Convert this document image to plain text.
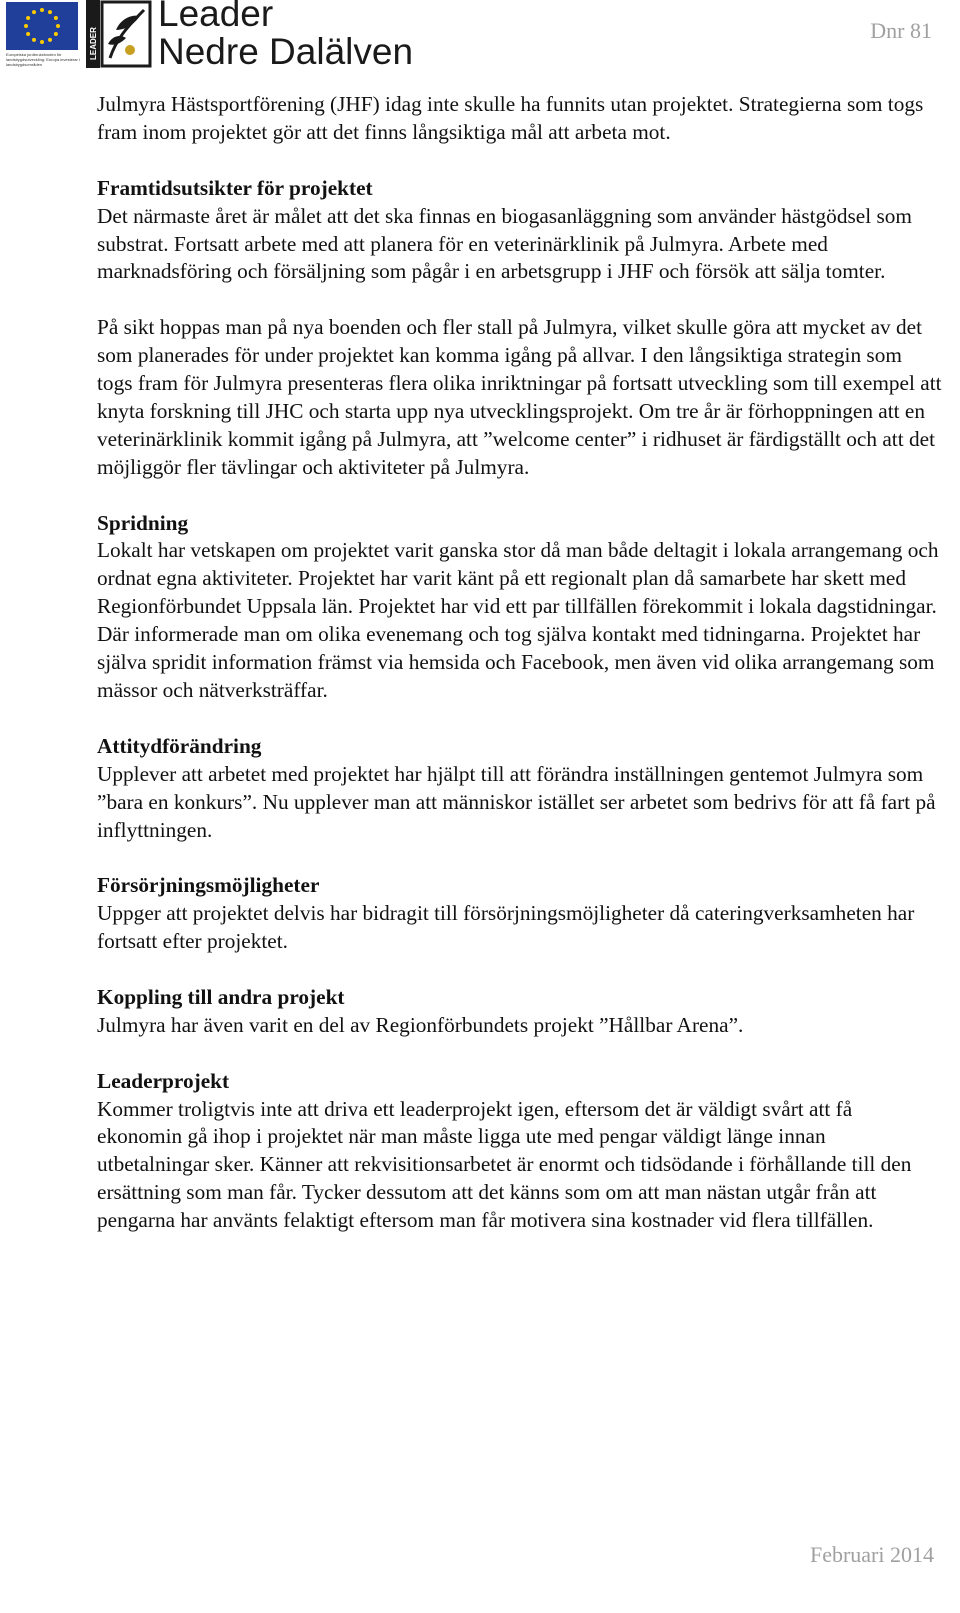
Europeiska jordbruksfonden för landsbygdsutveckling: Europa investerar i landsbygdsområden
LEADER
Leader
Nedre Dalälven
Dnr 81

Julmyra Hästsportförening (JHF) idag inte skulle ha funnits utan projektet. Strategierna som togs fram inom projektet gör att det finns långsiktiga mål att arbeta mot.

Framtidsutsikter för projektet

Det närmaste året är målet att det ska finnas en biogasanläggning som använder hästgödsel som substrat. Fortsatt arbete med att planera för en veterinärklinik på Julmyra. Arbete med marknadsföring och försäljning som pågår i en arbetsgrupp i JHF och försök att sälja tomter.

På sikt hoppas man på nya boenden och fler stall på Julmyra, vilket skulle göra att mycket av det som planerades för under projektet kan komma igång på allvar. I den långsiktiga strategin som togs fram för Julmyra presenteras flera olika inriktningar på fortsatt utveckling som till exempel att knyta forskning till JHC och starta upp nya utvecklingsprojekt. Om tre år är förhoppningen att en veterinärklinik kommit igång på Julmyra, att ”welcome center” i ridhuset är färdigställt och att det möjliggör fler tävlingar och aktiviteter på Julmyra.

Spridning

Lokalt har vetskapen om projektet varit ganska stor då man både deltagit i lokala arrangemang och ordnat egna aktiviteter. Projektet har varit känt på ett regionalt plan då samarbete har skett med Regionförbundet Uppsala län. Projektet har vid ett par tillfällen förekommit i lokala dagstidningar. Där informerade man om olika evenemang och tog själva kontakt med tidningarna. Projektet har själva spridit information främst via hemsida och Facebook, men även vid olika arrangemang som mässor och nätverksträffar.

Attitydförändring

Upplever att arbetet med projektet har hjälpt till att förändra inställningen gentemot Julmyra som ”bara en konkurs”. Nu upplever man att människor istället ser arbetet som bedrivs för att få fart på inflyttningen.

Försörjningsmöjligheter

Uppger att projektet delvis har bidragit till försörjningsmöjligheter då cateringverksamheten har fortsatt efter projektet.

Koppling till andra projekt

Julmyra har även varit en del av Regionförbundets projekt ”Hållbar Arena”.

Leaderprojekt

Kommer troligtvis inte att driva ett leaderprojekt igen, eftersom det är väldigt svårt att få ekonomin gå ihop i projektet när man måste ligga ute med pengar väldigt länge innan utbetalningar sker. Känner att rekvisitionsarbetet är enormt och tidsödande i förhållande till den ersättning som man får. Tycker dessutom att det känns som om att man nästan utgår från att pengarna har använts felaktigt eftersom man får motivera sina kostnader vid flera tillfällen.

Februari 2014
